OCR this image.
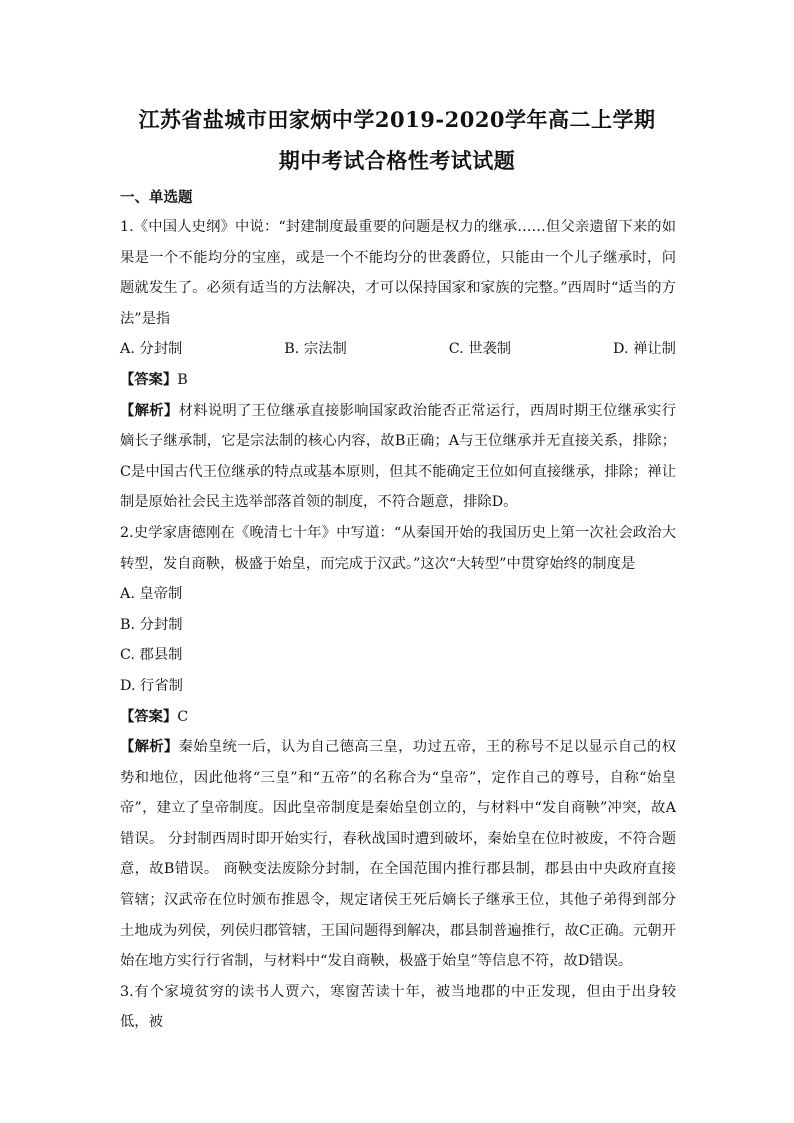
江苏省盐城市田家炳中学2019-2020学年高二上学期
期中考试合格性考试试题
一、单选题

1.《中国人史纲》中说：“封建制度最重要的问题是权力的继承……但父亲遗留下来的如果是一个不能均分的宝座，或是一个不能均分的世袭爵位，只能由一个儿子继承时，问题就发生了。必须有适当的方法解决，才可以保持国家和家族的完整。”西周时“适当的方法”是指

A. 分封制	B. 宗法制	C. 世袭制	D. 禅让制

【答案】B

【解析】材料说明了王位继承直接影响国家政治能否正常运行，西周时期王位继承实行嫡长子继承制，它是宗法制的核心内容，故B正确；A与王位继承并无直接关系，排除；C是中国古代王位继承的特点或基本原则，但其不能确定王位如何直接继承，排除；禅让制是原始社会民主选举部落首领的制度，不符合题意，排除D。

2.史学家唐德刚在《晚清七十年》中写道：“从秦国开始的我国历史上第一次社会政治大转型，发自商鞅，极盛于始皇，而完成于汉武。”这次“大转型”中贯穿始终的制度是

A. 皇帝制

B. 分封制

C. 郡县制

D. 行省制

【答案】C

【解析】秦始皇统一后，认为自己德高三皇，功过五帝，王的称号不足以显示自己的权势和地位，因此他将“三皇”和“五帝”的名称合为“皇帝”，定作自己的尊号，自称“始皇帝”，建立了皇帝制度。因此皇帝制度是秦始皇创立的，与材料中“发自商鞅”冲突，故A错误。 分封制西周时即开始实行，春秋战国时遭到破坏，秦始皇在位时被废，不符合题意，故B错误。 商鞅变法废除分封制，在全国范围内推行郡县制，郡县由中央政府直接管辖；汉武帝在位时颁布推恩令，规定诸侯王死后嫡长子继承王位，其他子弟得到部分土地成为列侯，列侯归郡管辖，王国问题得到解决，郡县制普遍推行，故C正确。元朝开始在地方实行行省制，与材料中“发自商鞅，极盛于始皇”等信息不符，故D错误。

3.有个家境贫穷的读书人贾六，寒窗苦读十年，被当地郡的中正发现，但由于出身较低，被
